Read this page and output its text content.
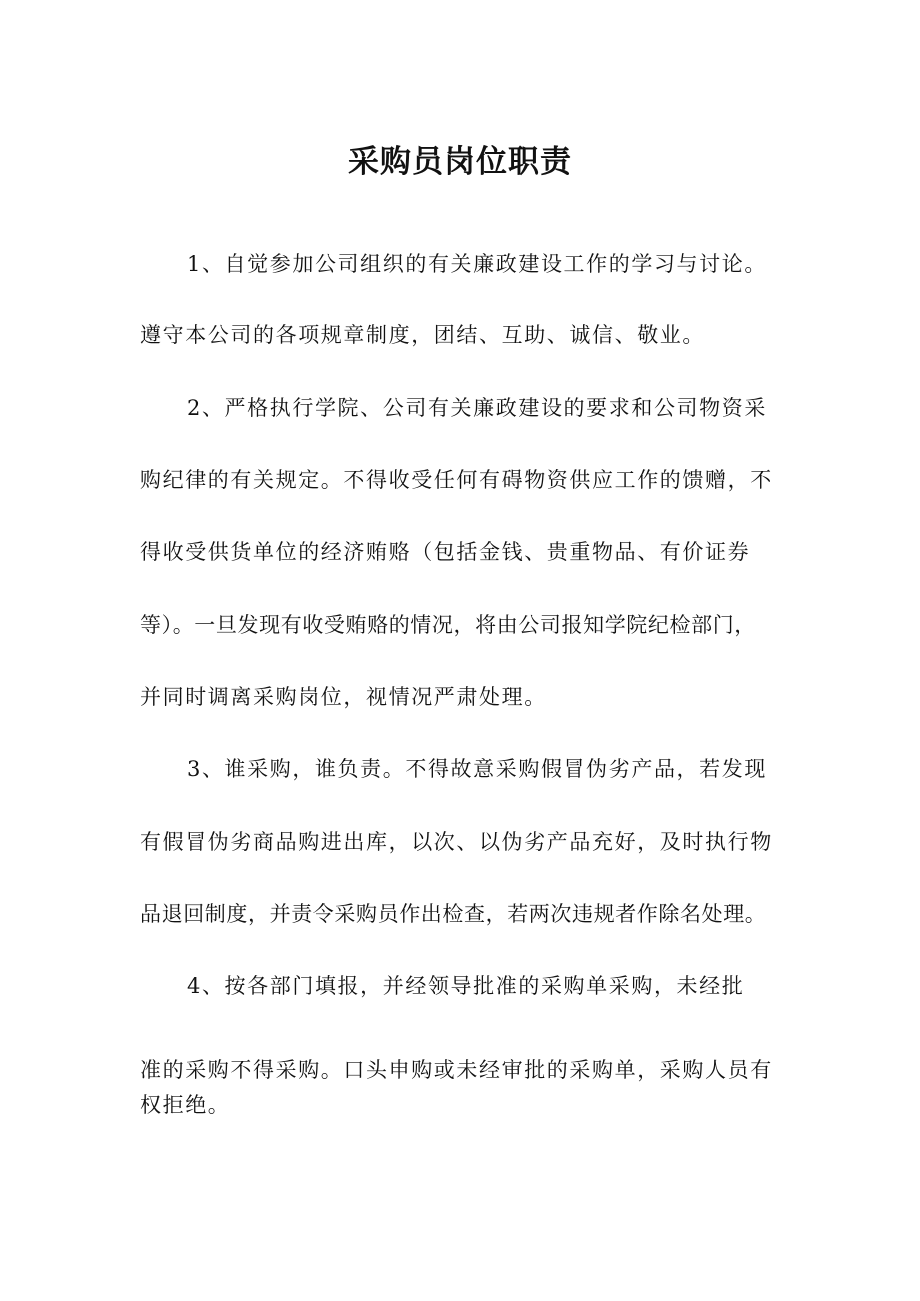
采购员岗位职责
1、自觉参加公司组织的有关廉政建设工作的学习与讨论。
遵守本公司的各项规章制度，团结、互助、诚信、敬业。
2、严格执行学院、公司有关廉政建设的要求和公司物资采
购纪律的有关规定。不得收受任何有碍物资供应工作的馈赠，不
得收受供货单位的经济贿赂（包括金钱、贵重物品、有价证券
等）。一旦发现有收受贿赂的情况，将由公司报知学院纪检部门，
并同时调离采购岗位，视情况严肃处理。
3、谁采购，谁负责。不得故意采购假冒伪劣产品，若发现
有假冒伪劣商品购进出库，以次、以伪劣产品充好，及时执行物
品退回制度，并责令采购员作出检查，若两次违规者作除名处理。
4、按各部门填报，并经领导批准的采购单采购，未经批
准的采购不得采购。口头申购或未经审批的采购单，采购人员有
权拒绝。
